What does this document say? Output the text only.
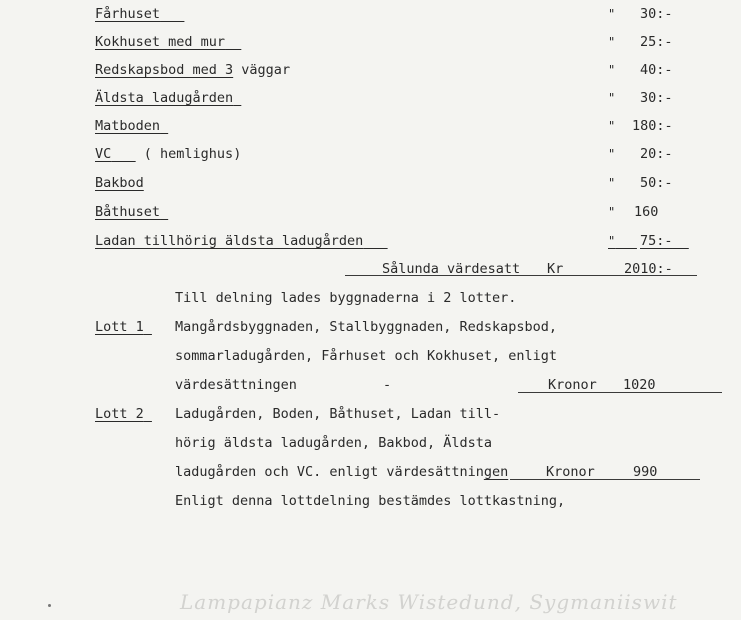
Fårhuset	" 30:-
Kokhuset med mur	" 25:-
Redskapsbod med 3 väggar	" 40:-
Äldsta ladugården	" 30:-
Matboden	" 180:-
VC    ( hemlighus)	" 20:-
Bakbod	" 50:-
Båthuset	" 160
Ladan tillhörig äldsta ladugården	"	75:-
Sålunda värdesatt Kr	2010:-
Till delning lades byggnaderna i 2 lotter.
Lott 1	Mangårdsbyggnaden, Stallbyggnaden, Redskapsbod,
sommarladugården, Fårhuset och Kokhuset, enligt
värdesättningen	-	Kronor 1020
Lott 2	Ladugården, Boden, Båthuset, Ladan till-
hörig äldsta ladugården, Bakbod, Äldsta
ladugården och VC. enligt värdesättningen	Kronor	990
Enligt denna lottdelning bestämdes lottkastning,
Lampapianz Marks Wistedund, Sygmaniiswit
